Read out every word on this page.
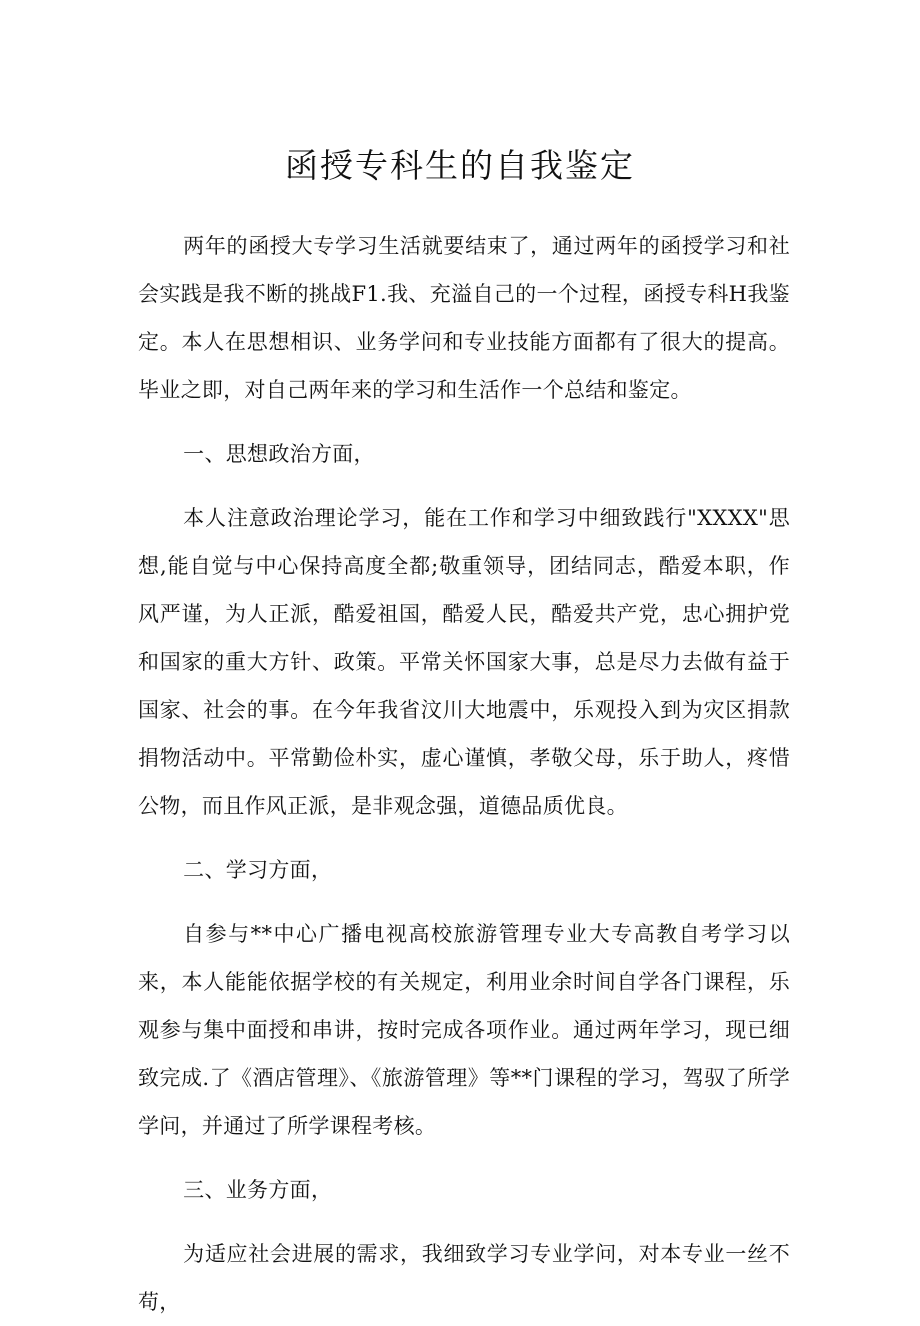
函授专科生的自我鉴定

两年的函授大专学习生活就要结束了，通过两年的函授学习和社会实践是我不断的挑战F1.我、充溢自己的一个过程，函授专科H我鉴定。本人在思想相识、业务学问和专业技能方面都有了很大的提高。毕业之即，对自己两年来的学习和生活作一个总结和鉴定。

一、思想政治方面，

本人注意政治理论学习，能在工作和学习中细致践行"XXXX"思想,能自觉与中心保持高度全都;敬重领导，团结同志，酷爱本职，作风严谨，为人正派，酷爱祖国，酷爱人民，酷爱共产党，忠心拥护党和国家的重大方针、政策。平常关怀国家大事，总是尽力去做有益于国家、社会的事。在今年我省汶川大地震中，乐观投入到为灾区捐款捐物活动中。平常勤俭朴实，虚心谨慎，孝敬父母，乐于助人，疼惜公物，而且作风正派，是非观念强，道德品质优良。

二、学习方面，

自参与**中心广播电视高校旅游管理专业大专高教自考学习以来，本人能能依据学校的有关规定，利用业余时间自学各门课程，乐观参与集中面授和串讲，按时完成各项作业。通过两年学习，现已细致完成.了《酒店管理》、《旅游管理》等**门课程的学习，驾驭了所学学问，并通过了所学课程考核。

三、业务方面，

为适应社会进展的需求，我细致学习专业学问，对本专业一丝不苟，
